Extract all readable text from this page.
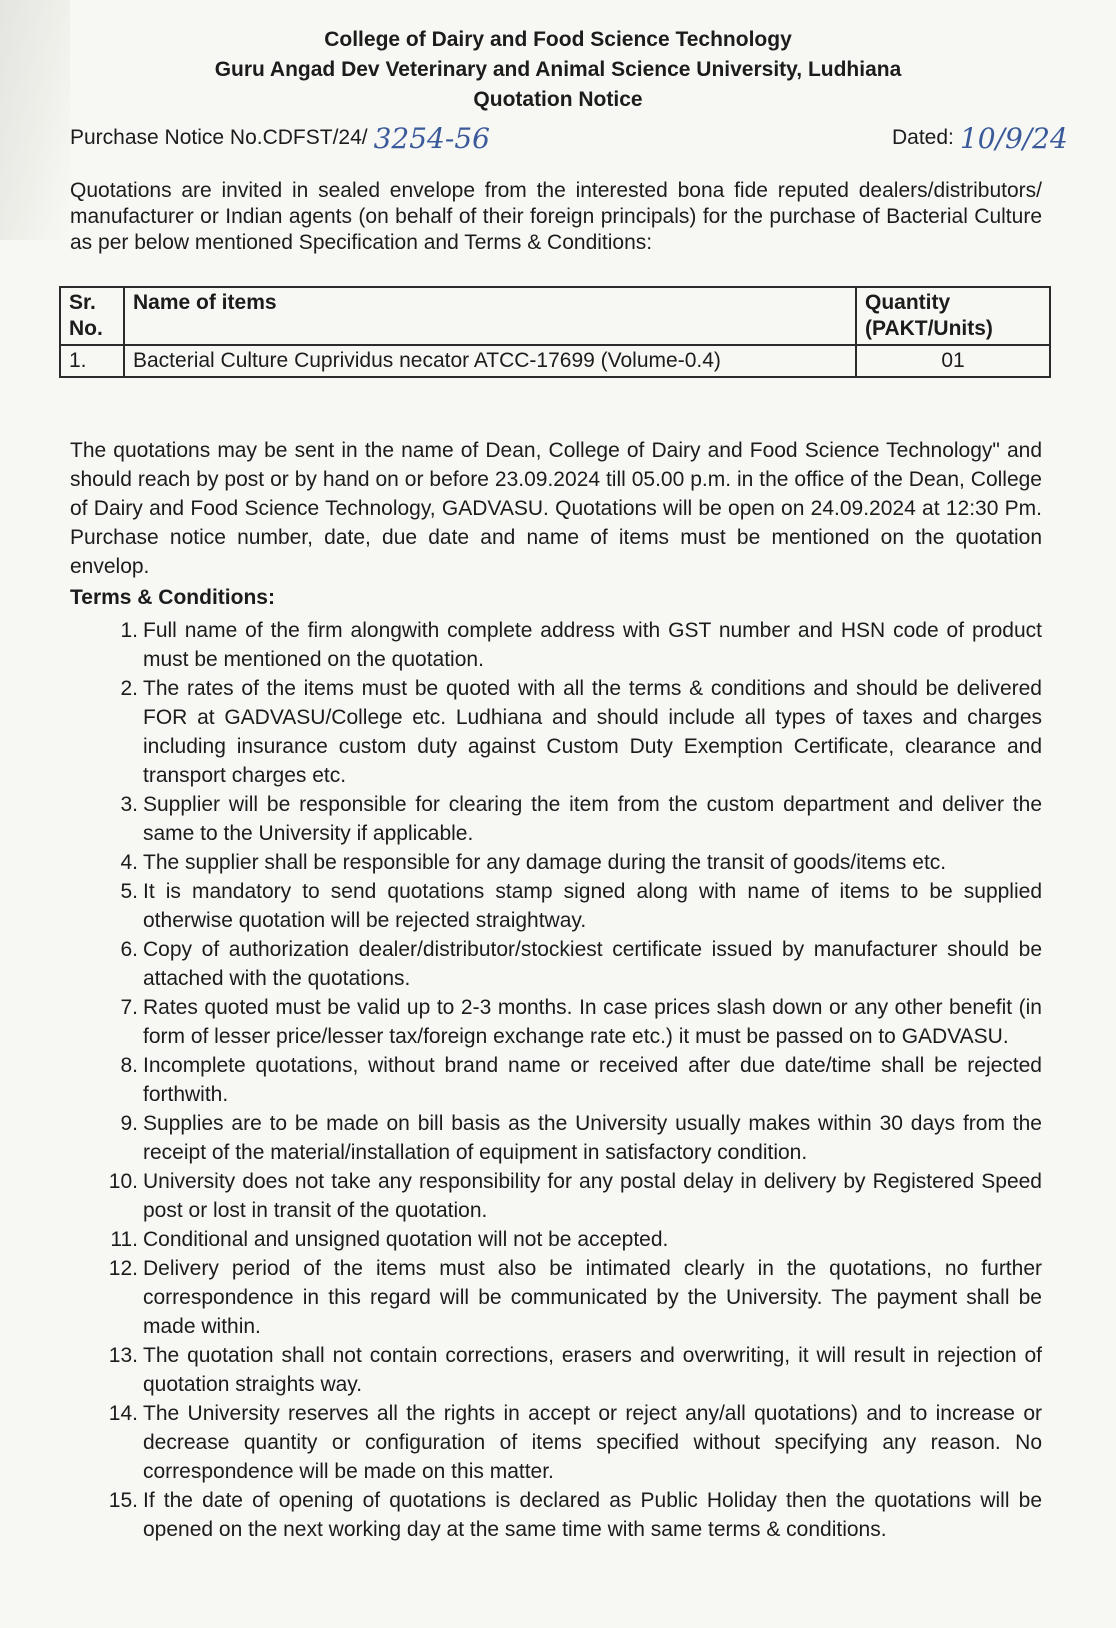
College of Dairy and Food Science Technology
Guru Angad Dev Veterinary and Animal Science University, Ludhiana
Quotation Notice
Purchase Notice No.CDFST/24/ 3254-56	Dated: 10/9/24
Quotations are invited in sealed envelope from the interested bona fide reputed dealers/distributors/ manufacturer or Indian agents (on behalf of their foreign principals) for the purchase of Bacterial Culture as per below mentioned Specification and Terms & Conditions:
Sr. No.	Name of items	Quantity (PAKT/Units)
1.	Bacterial Culture Cuprividus necator ATCC-17699 (Volume-0.4)	01
The quotations may be sent in the name of Dean, College of Dairy and Food Science Technology" and should reach by post or by hand on or before 23.09.2024 till 05.00 p.m. in the office of the Dean, College of Dairy and Food Science Technology, GADVASU. Quotations will be open on 24.09.2024 at 12:30 Pm. Purchase notice number, date, due date and name of items must be mentioned on the quotation envelop.
Terms & Conditions:
1. Full name of the firm alongwith complete address with GST number and HSN code of product must be mentioned on the quotation.
2. The rates of the items must be quoted with all the terms & conditions and should be delivered FOR at GADVASU/College etc. Ludhiana and should include all types of taxes and charges including insurance custom duty against Custom Duty Exemption Certificate, clearance and transport charges etc.
3. Supplier will be responsible for clearing the item from the custom department and deliver the same to the University if applicable.
4. The supplier shall be responsible for any damage during the transit of goods/items etc.
5. It is mandatory to send quotations stamp signed along with name of items to be supplied otherwise quotation will be rejected straightway.
6. Copy of authorization dealer/distributor/stockiest certificate issued by manufacturer should be attached with the quotations.
7. Rates quoted must be valid up to 2-3 months. In case prices slash down or any other benefit (in form of lesser price/lesser tax/foreign exchange rate etc.) it must be passed on to GADVASU.
8. Incomplete quotations, without brand name or received after due date/time shall be rejected forthwith.
9. Supplies are to be made on bill basis as the University usually makes within 30 days from the receipt of the material/installation of equipment in satisfactory condition.
10. University does not take any responsibility for any postal delay in delivery by Registered Speed post or lost in transit of the quotation.
11. Conditional and unsigned quotation will not be accepted.
12. Delivery period of the items must also be intimated clearly in the quotations, no further correspondence in this regard will be communicated by the University. The payment shall be made within.
13. The quotation shall not contain corrections, erasers and overwriting, it will result in rejection of quotation straights way.
14. The University reserves all the rights in accept or reject any/all quotations) and to increase or decrease quantity or configuration of items specified without specifying any reason. No correspondence will be made on this matter.
15. If the date of opening of quotations is declared as Public Holiday then the quotations will be opened on the next working day at the same time with same terms & conditions.
